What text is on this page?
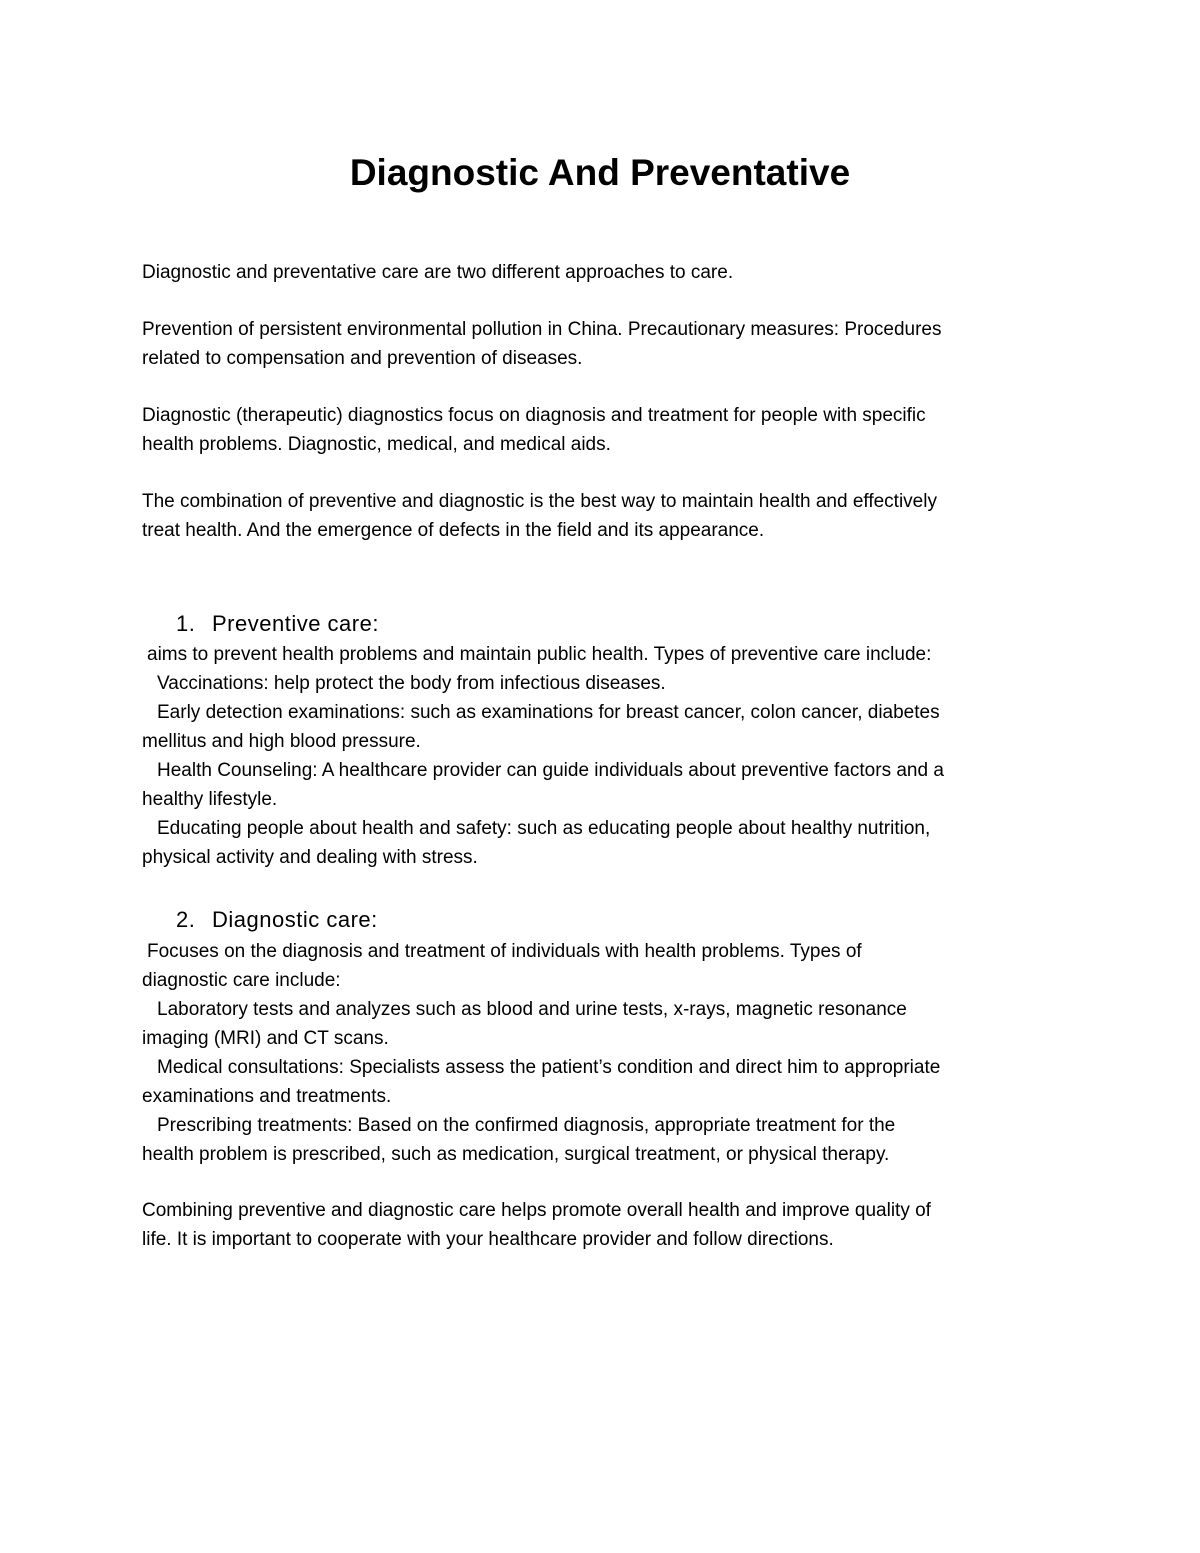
Diagnostic And Preventative
Diagnostic and preventative care are two different approaches to care.
Prevention of persistent environmental pollution in China. Precautionary measures: Procedures
related to compensation and prevention of diseases.
Diagnostic (therapeutic) diagnostics focus on diagnosis and treatment for people with specific
health problems. Diagnostic, medical, and medical aids.
The combination of preventive and diagnostic is the best way to maintain health and effectively
treat health. And the emergence of defects in the field and its appearance.
1. Preventive care:
aims to prevent health problems and maintain public health. Types of preventive care include:
Vaccinations: help protect the body from infectious diseases.
Early detection examinations: such as examinations for breast cancer, colon cancer, diabetes
mellitus and high blood pressure.
Health Counseling: A healthcare provider can guide individuals about preventive factors and a
healthy lifestyle.
Educating people about health and safety: such as educating people about healthy nutrition,
physical activity and dealing with stress.
2. Diagnostic care:
Focuses on the diagnosis and treatment of individuals with health problems. Types of
diagnostic care include:
Laboratory tests and analyzes such as blood and urine tests, x-rays, magnetic resonance
imaging (MRI) and CT scans.
Medical consultations: Specialists assess the patient’s condition and direct him to appropriate
examinations and treatments.
Prescribing treatments: Based on the confirmed diagnosis, appropriate treatment for the
health problem is prescribed, such as medication, surgical treatment, or physical therapy.
Combining preventive and diagnostic care helps promote overall health and improve quality of
life. It is important to cooperate with your healthcare provider and follow directions.
